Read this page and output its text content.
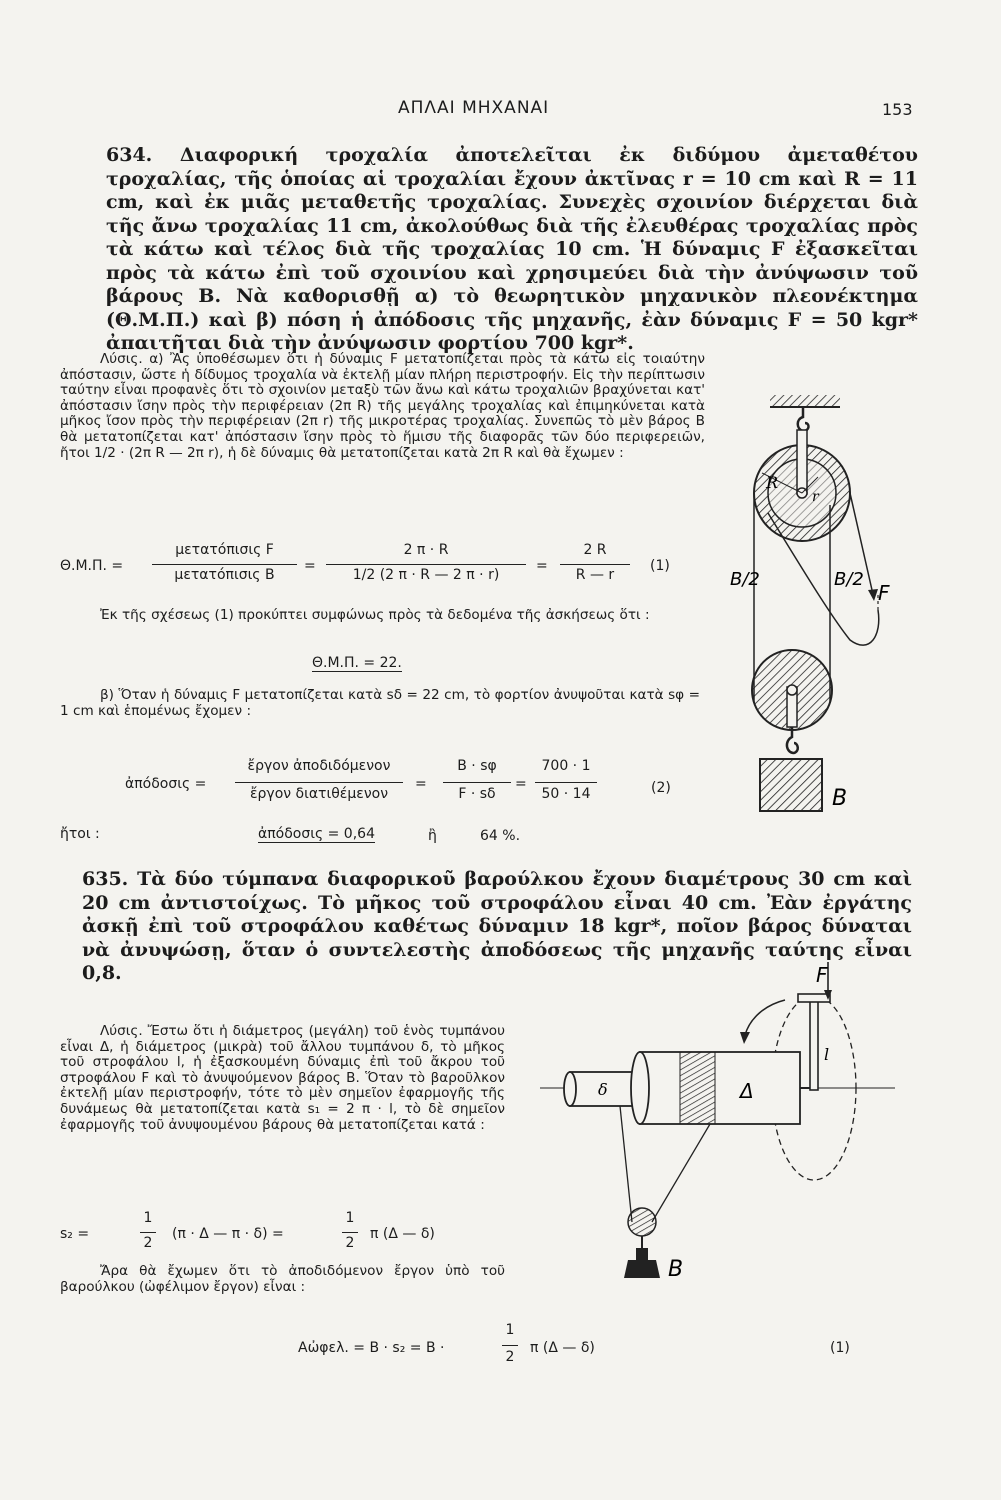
ΑΠΛΑΙ ΜΗΧΑΝΑΙ	153
634. Διαφορική τροχαλία ἀποτελεῖται ἐκ διδύμου ἀμεταθέτου τροχαλίας, τῆς ὁποίας αἱ τροχαλίαι ἔχουν ἀκτῖνας r = 10 cm καὶ R = 11 cm, καὶ ἐκ μιᾶς μεταθετῆς τροχαλίας. Συνεχὲς σχοινίον διέρχεται διὰ τῆς ἄνω τροχαλίας 11 cm, ἀκολούθως διὰ τῆς ἐλευθέρας τροχαλίας πρὸς τὰ κάτω καὶ τέλος διὰ τῆς τροχαλίας 10 cm. Ἡ δύναμις F ἐξασκεῖται πρὸς τὰ κάτω ἐπὶ τοῦ σχοινίου καὶ χρησιμεύει διὰ τὴν ἀνύψωσιν τοῦ βάρους B. Νὰ καθορισθῇ α) τὸ θεωρητικὸν μηχανικὸν πλεονέκτημα (Θ.Μ.Π.) καὶ β) πόση ἡ ἀπόδοσις τῆς μηχανῆς, ἐὰν δύναμις F = 50 kgr* ἀπαιτῆται διὰ τὴν ἀνύψωσιν φορτίου 700 kgr*.

Λύσις. α) Ἂς ὑποθέσωμεν ὅτι ἡ δύναμις F μετατοπίζεται πρὸς τὰ κάτω εἰς τοιαύτην ἀπόστασιν, ὥστε ἡ δίδυμος τροχαλία νὰ ἐκτελῇ μίαν πλήρη περιστροφήν. Εἰς τὴν περίπτωσιν ταύτην εἶναι προφανὲς ὅτι τὸ σχοινίον μεταξὺ τῶν ἄνω καὶ κάτω τροχαλιῶν βραχύνεται κατ' ἀπόστασιν ἴσην πρὸς τὴν περιφέρειαν (2π R) τῆς μεγάλης τροχαλίας καὶ ἐπιμηκύνεται κατὰ μῆκος ἴσον πρὸς τὴν περιφέρειαν (2π r) τῆς μικροτέρας τροχαλίας. Συνεπῶς τὸ μὲν βάρος B θὰ μετατοπίζεται κατ' ἀπόστασιν ἴσην πρὸς τὸ ἥμισυ τῆς διαφορᾶς τῶν δύο περιφερειῶν, ἤτοι 1/2 · (2π R — 2π r), ἡ δὲ δύναμις θὰ μετατοπίζεται κατὰ 2π R καὶ θὰ ἔχωμεν :

Θ.Μ.Π. =
μετατόπισις F
μετατόπισις B
=
2 π · R
1/2 (2 π · R — 2 π · r)
=
2 R
R — r
(1)

Ἐκ τῆς σχέσεως (1) προκύπτει συμφώνως πρὸς τὰ δεδομένα τῆς ἀσκήσεως ὅτι :

Θ.Μ.Π. = 22.

β) Ὅταν ἡ δύναμις F μετατοπίζεται κατὰ sδ = 22 cm, τὸ φορτίον ἀνυψοῦται κατὰ sφ = 1 cm καὶ ἑπομένως ἔχομεν :

ἀπόδοσις =
ἔργον ἀποδιδόμενον
ἔργον διατιθέμενον
=
B · sφ
F · sδ
=
700 · 1
50 · 14	(2)
ἤτοι :	ἀπόδοσις = 0,64	ἢ	64 %.
R
r
F
B/2	B/2
B
635. Τὰ δύο τύμπανα διαφορικοῦ βαρούλκου ἔχουν διαμέτρους 30 cm καὶ 20 cm ἀντιστοίχως. Τὸ μῆκος τοῦ στροφάλου εἶναι 40 cm. Ἐὰν ἐργάτης ἀσκῇ ἐπὶ τοῦ στροφάλου καθέτως δύναμιν 18 kgr*, ποῖον βάρος δύναται νὰ ἀνυψώσῃ, ὅταν ὁ συντελεστὴς ἀποδόσεως τῆς μηχανῆς ταύτης εἶναι 0,8.

Λύσις. Ἔστω ὅτι ἡ διάμετρος (μεγάλη) τοῦ ἑνὸς τυμπάνου εἶναι Δ, ἡ διάμετρος (μικρὰ) τοῦ ἄλλου τυμπάνου δ, τὸ μῆκος τοῦ στροφάλου l, ἡ ἐξασκουμένη δύναμις ἐπὶ τοῦ ἄκρου τοῦ στροφάλου F καὶ τὸ ἀνυψούμενον βάρος B. Ὅταν τὸ βαροῦλκον ἐκτελῇ μίαν περιστροφήν, τότε τὸ μὲν σημεῖον ἐφαρμογῆς τῆς δυνάμεως θὰ μετατοπίζεται κατὰ s₁ = 2 π · l, τὸ δὲ σημεῖον ἐφαρμογῆς τοῦ ἀνυψουμένου βάρους θὰ μετατοπίζεται κατά :

s₂ =
1
2
(π · Δ — π · δ) =
1
2
π (Δ — δ)

Ἄρα θὰ ἔχωμεν ὅτι τὸ ἀποδιδόμενον ἔργον ὑπὸ τοῦ βαρούλκου (ὠφέλιμον ἔργον) εἶναι :

Aὠφελ. = B · s₂ = B ·
1
2
π (Δ — δ)	(1)
δ	Δ
F
l
B
